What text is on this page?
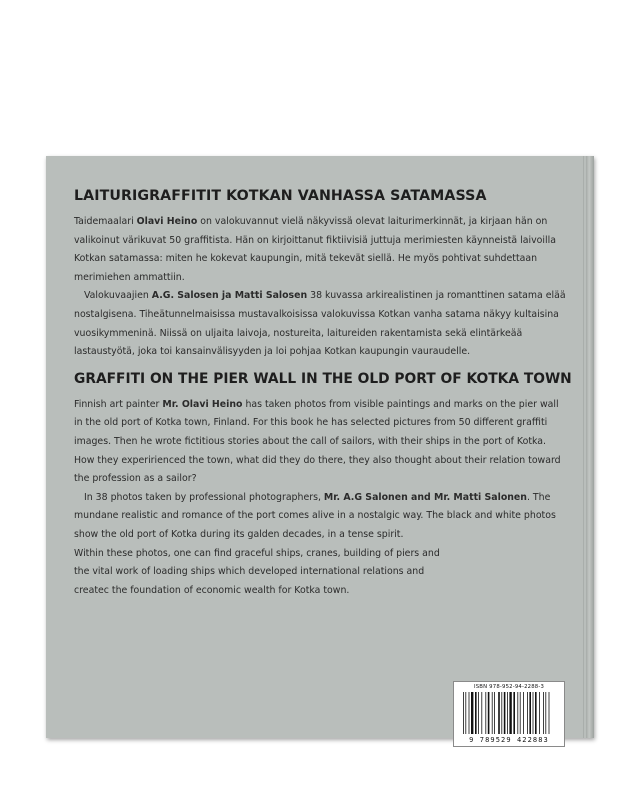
LAITURIGRAFFITIT KOTKAN VANHASSA SATAMASSA

Taidemaalari Olavi Heino on valokuvannut vielä näkyvissä olevat laiturimerkinnät, ja kirjaan hän on valikoinut värikuvat 50 graffitista. Hän on kirjoittanut fiktiivisiä juttuja merimiesten käynneistä laivoilla Kotkan satamassa: miten he kokevat kaupungin, mitä tekevät siellä. He myös pohtivat suhdettaan merimiehen ammattiin.

Valokuvaajien A.G. Salosen ja Matti Salosen 38 kuvassa arkirealistinen ja romanttinen satama elää nostalgisena. Tiheätunnelmaisissa mustavalkoisissa valokuvissa Kotkan vanha satama näkyy kultaisina vuosikymmeninä. Niissä on uljaita laivoja, nostureita, laitureiden rakentamista sekä elintärkeää lastaustyötä, joka toi kansainvälisyyden ja loi pohjaa Kotkan kaupungin vauraudelle.

GRAFFITI ON THE PIER WALL IN THE OLD PORT OF KOTKA TOWN

Finnish art painter Mr. Olavi Heino has taken photos from visible paintings and marks on the pier wall in the old port of Kotka town, Finland. For this book he has selected pictures from 50 different graffiti images. Then he wrote fictitious stories about the call of sailors, with their ships in the port of Kotka. How they experirienced the town, what did they do there, they also thought about their relation toward the profession as a sailor?

In 38 photos taken by professional photographers, Mr. A.G Salonen and Mr. Matti Salonen. The mundane realistic and romance of the port comes alive in a nostalgic way. The black and white photos show the old port of Kotka during its galden decades, in a tense spirit.

Within these photos, one can find graceful ships, cranes, building of piers and
the vital work of loading ships which developed international relations and
createc the foundation of economic wealth for Kotka town.

ISBN 978-952-94-2288-3
9 789529 422883
